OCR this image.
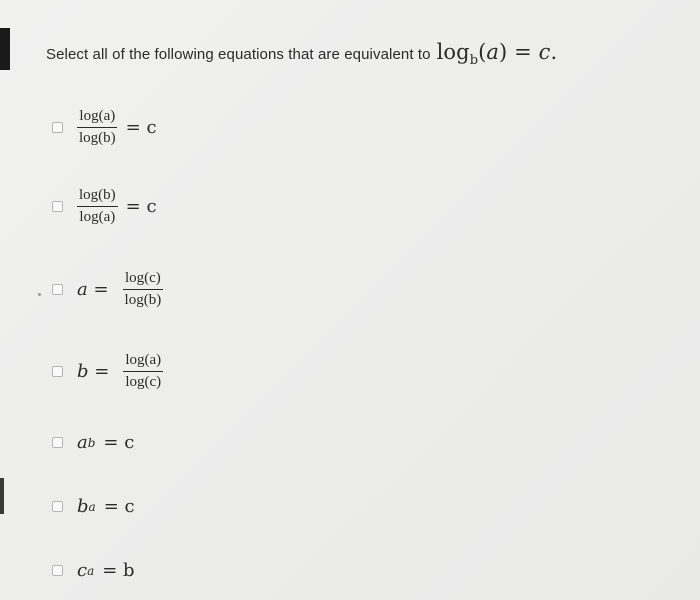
Select all of the following equations that are equivalent to $\log_b(a) = c$.
$\frac{\log(a)}{\log(b)} = c$
$\frac{\log(b)}{\log(a)} = c$
$a = \frac{\log(c)}{\log(b)}$
$b = \frac{\log(a)}{\log(c)}$
a b = c
b a = c
c a = b
